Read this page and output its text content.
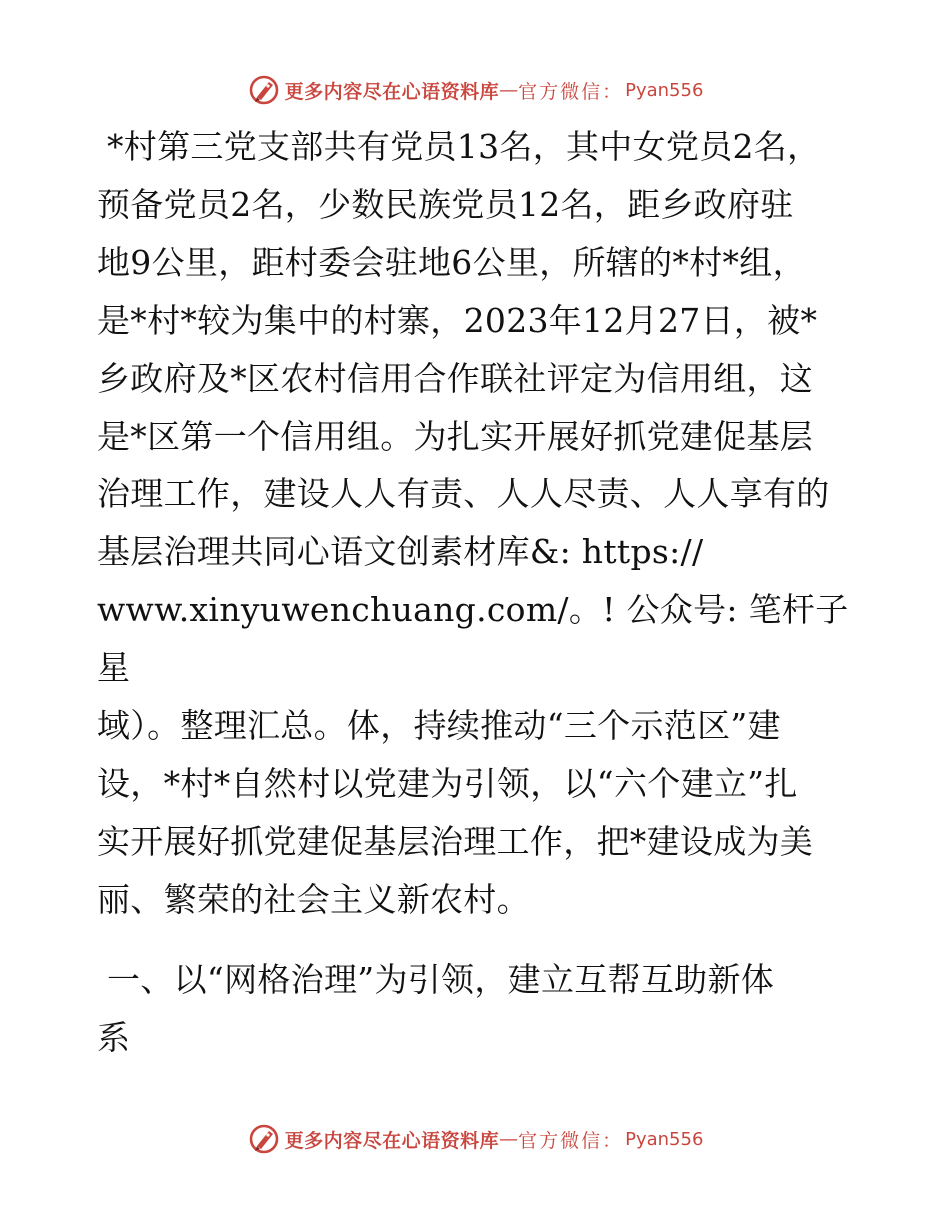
更多内容尽在心语资料库 — 官方微信： Pyan556

*村第三党支部共有党员13名，其中女党员2名，
预备党员2名，少数民族党员12名，距乡政府驻
地9公里，距村委会驻地6公里，所辖的*村*组，
是*村*较为集中的村寨，2023年12月27日，被*
乡政府及*区农村信用合作联社评定为信用组，这
是*区第一个信用组。为扎实开展好抓党建促基层
治理工作，建设人人有责、人人尽责、人人享有的
基层治理共同心语文创素材库&: https://
www.xinyuwenchuang.com/。! 公众号: 笔杆子星
域）。整理汇总。体，持续推动“三个示范区”建
设，*村*自然村以党建为引领，以“六个建立”扎
实开展好抓党建促基层治理工作，把*建设成为美
丽、繁荣的社会主义新农村。

一、以“网格治理”为引领，建立互帮互助新体
系

更多内容尽在心语资料库 — 官方微信： Pyan556
